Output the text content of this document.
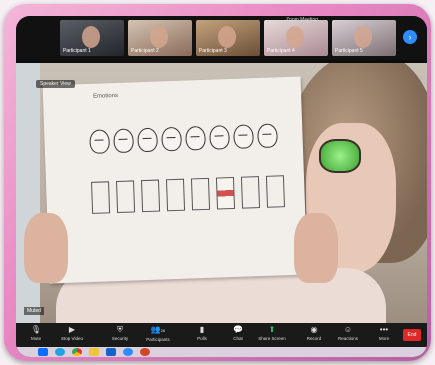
Participant 1	Participant 2	Participant 3	Participant 4	Participant 5
Zoom Meeting
›
Emotions
Speaker View
Muted
🎙
Mute
▶
Stop Video
⛨
Security
👥26
Participants
▮
Polls
💬
Chat
⬆
Share Screen
◉
Record
☺
Reactions
•••
More
End
